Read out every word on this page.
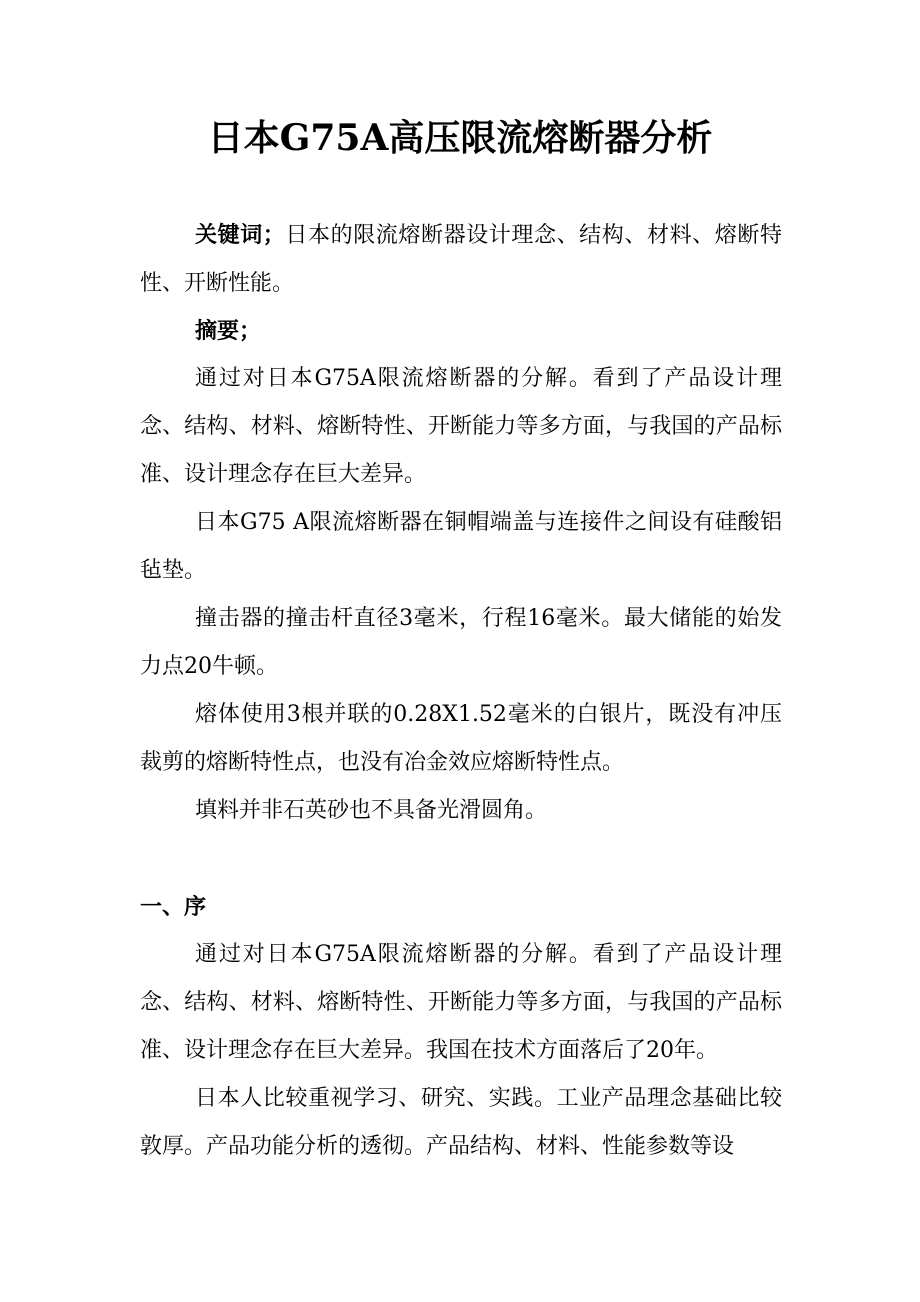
日本G75A高压限流熔断器分析

关键词；日本的限流熔断器设计理念、结构、材料、熔断特性、开断性能。

摘要；

通过对日本G75A限流熔断器的分解。看到了产品设计理念、结构、材料、熔断特性、开断能力等多方面，与我国的产品标准、设计理念存在巨大差异。

日本G75 A限流熔断器在铜帽端盖与连接件之间设有硅酸铝毡垫。

撞击器的撞击杆直径3毫米，行程16毫米。最大储能的始发力点20牛顿。

熔体使用3根并联的0.28X1.52毫米的白银片，既没有冲压裁剪的熔断特性点，也没有冶金效应熔断特性点。

填料并非石英砂也不具备光滑圆角。

一、序

通过对日本G75A限流熔断器的分解。看到了产品设计理念、结构、材料、熔断特性、开断能力等多方面，与我国的产品标准、设计理念存在巨大差异。我国在技术方面落后了20年。

日本人比较重视学习、研究、实践。工业产品理念基础比较敦厚。产品功能分析的透彻。产品结构、材料、性能参数等设
